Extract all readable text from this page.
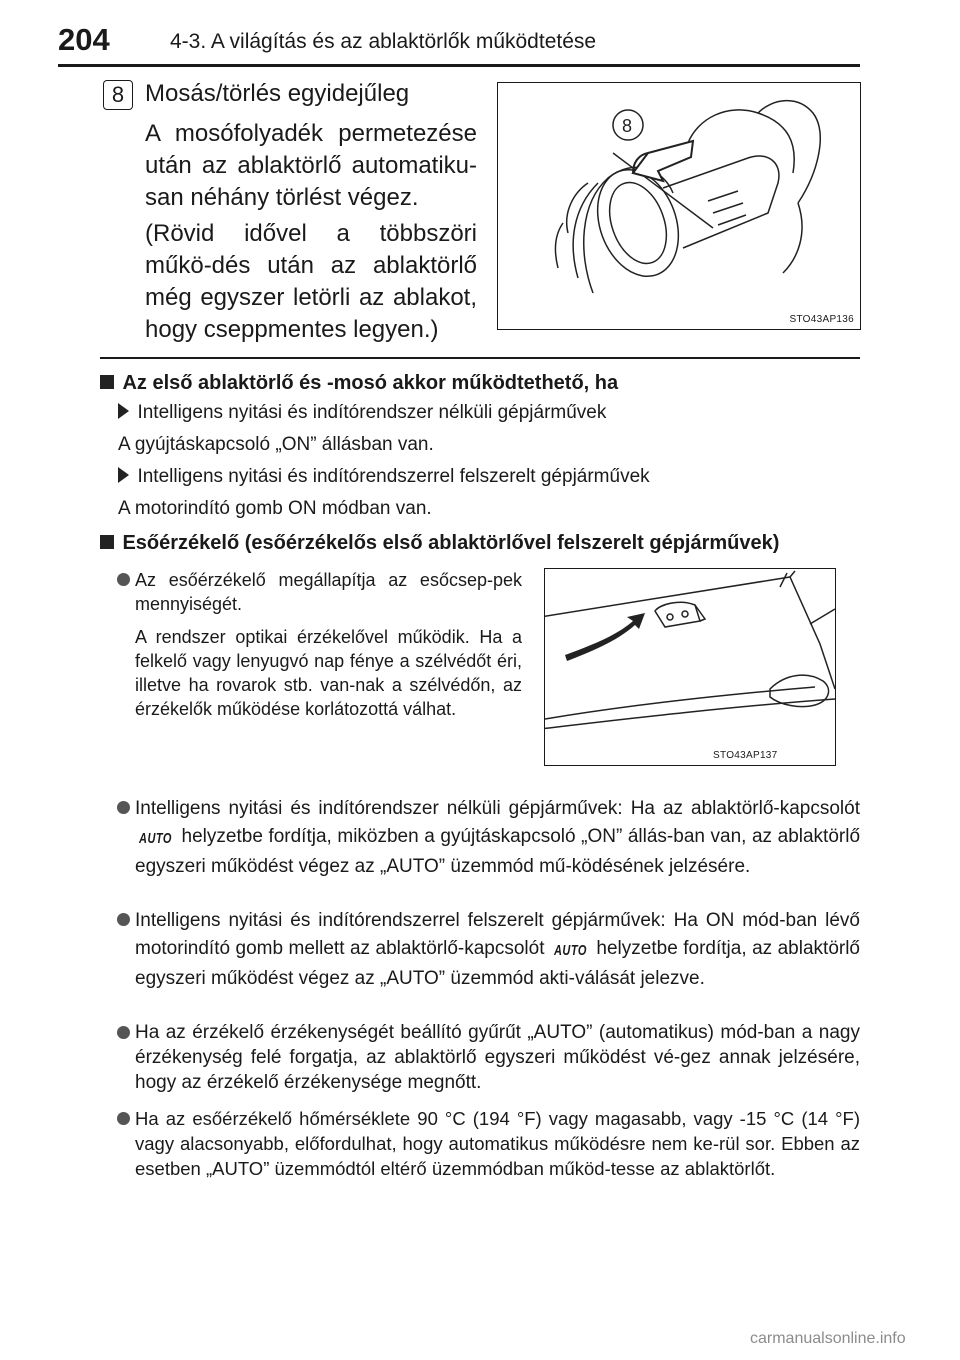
204	4-3. A világítás és az ablaktörlők működtetése
8 Mosás/törlés egyidejűleg
A mosófolyadék permetezése után az ablaktörlő automatiku-san néhány törlést végez.
(Rövid idővel a többszöri műkö-dés után az ablaktörlő még egyszer letörli az ablakot, hogy cseppmentes legyen.)
8
STO43AP136
Az első ablaktörlő és -mosó akkor működtethető, ha
Intelligens nyitási és indítórendszer nélküli gépjárművek
A gyújtáskapcsoló „ON” állásban van.
Intelligens nyitási és indítórendszerrel felszerelt gépjárművek
A motorindító gomb ON módban van.
Esőérzékelő (esőérzékelős első ablaktörlővel felszerelt gépjárművek)
Az esőérzékelő megállapítja az esőcsep-pek mennyiségét.
A rendszer optikai érzékelővel működik. Ha a felkelő vagy lenyugvó nap fénye a szélvédőt éri, illetve ha rovarok stb. van-nak a szélvédőn, az érzékelők működése korlátozottá válhat.
STO43AP137
Intelligens nyitási és indítórendszer nélküli gépjárművek: Ha az ablaktörlő-kapcsolót AUTO helyzetbe fordítja, miközben a gyújtáskapcsoló „ON” állás-ban van, az ablaktörlő egyszeri működést végez az „AUTO” üzemmód mű-ködésének jelzésére.
Intelligens nyitási és indítórendszerrel felszerelt gépjárművek: Ha ON mód-ban lévő motorindító gomb mellett az ablaktörlő-kapcsolót AUTO helyzetbe fordítja, az ablaktörlő egyszeri működést végez az „AUTO” üzemmód akti-válását jelezve.
Ha az érzékelő érzékenységét beállító gyűrűt „AUTO” (automatikus) mód-ban a nagy érzékenység felé forgatja, az ablaktörlő egyszeri működést vé-gez annak jelzésére, hogy az érzékelő érzékenysége megnőtt.
Ha az esőérzékelő hőmérséklete 90 °C (194 °F) vagy magasabb, vagy -15 °C (14 °F) vagy alacsonyabb, előfordulhat, hogy automatikus működésre nem ke-rül sor. Ebben az esetben „AUTO” üzemmódtól eltérő üzemmódban működ-tesse az ablaktörlőt.
carmanualsonline.info
